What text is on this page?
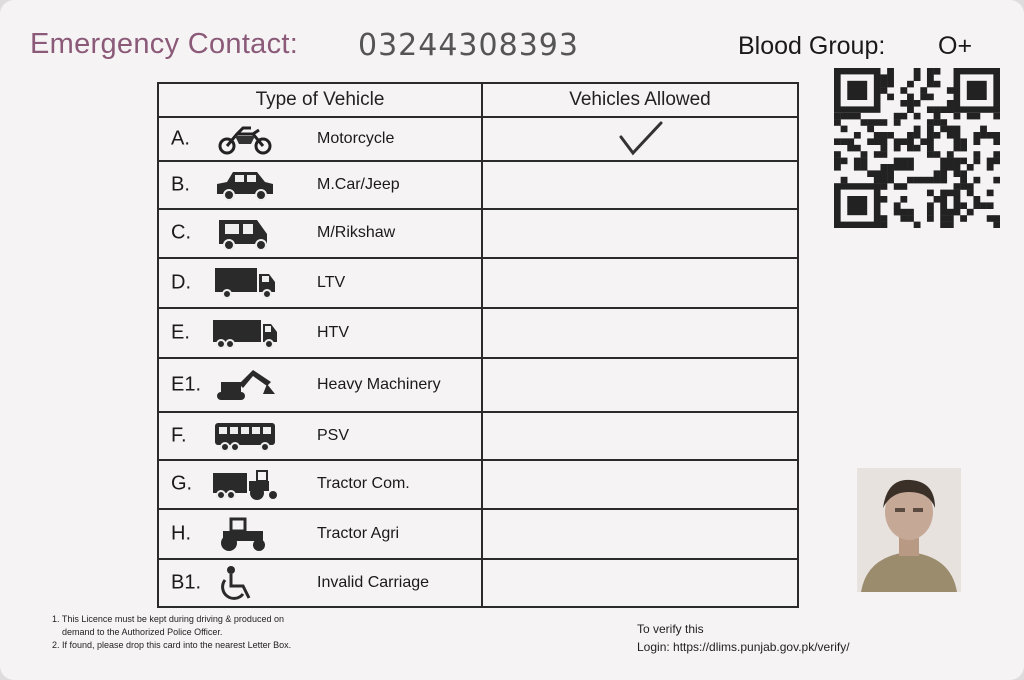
Emergency Contact: 03244308393	Blood Group: O+
Type of Vehicle	Vehicles Allowed

A. Motorcycle

B. M.Car/Jeep	

C. M/Rikshaw	

D. LTV	

E. HTV	

E1. Heavy Machinery	

F. PSV	

G. Tractor Com.	

H. Tractor Agri	

B1. Invalid Carriage	

1. This Licence must be kept during driving & produced on
demand to the Authorized Police Officer.
2. If found, please drop this card into the nearest Letter Box.
To verify this
Login: https://dlims.punjab.gov.pk/verify/
